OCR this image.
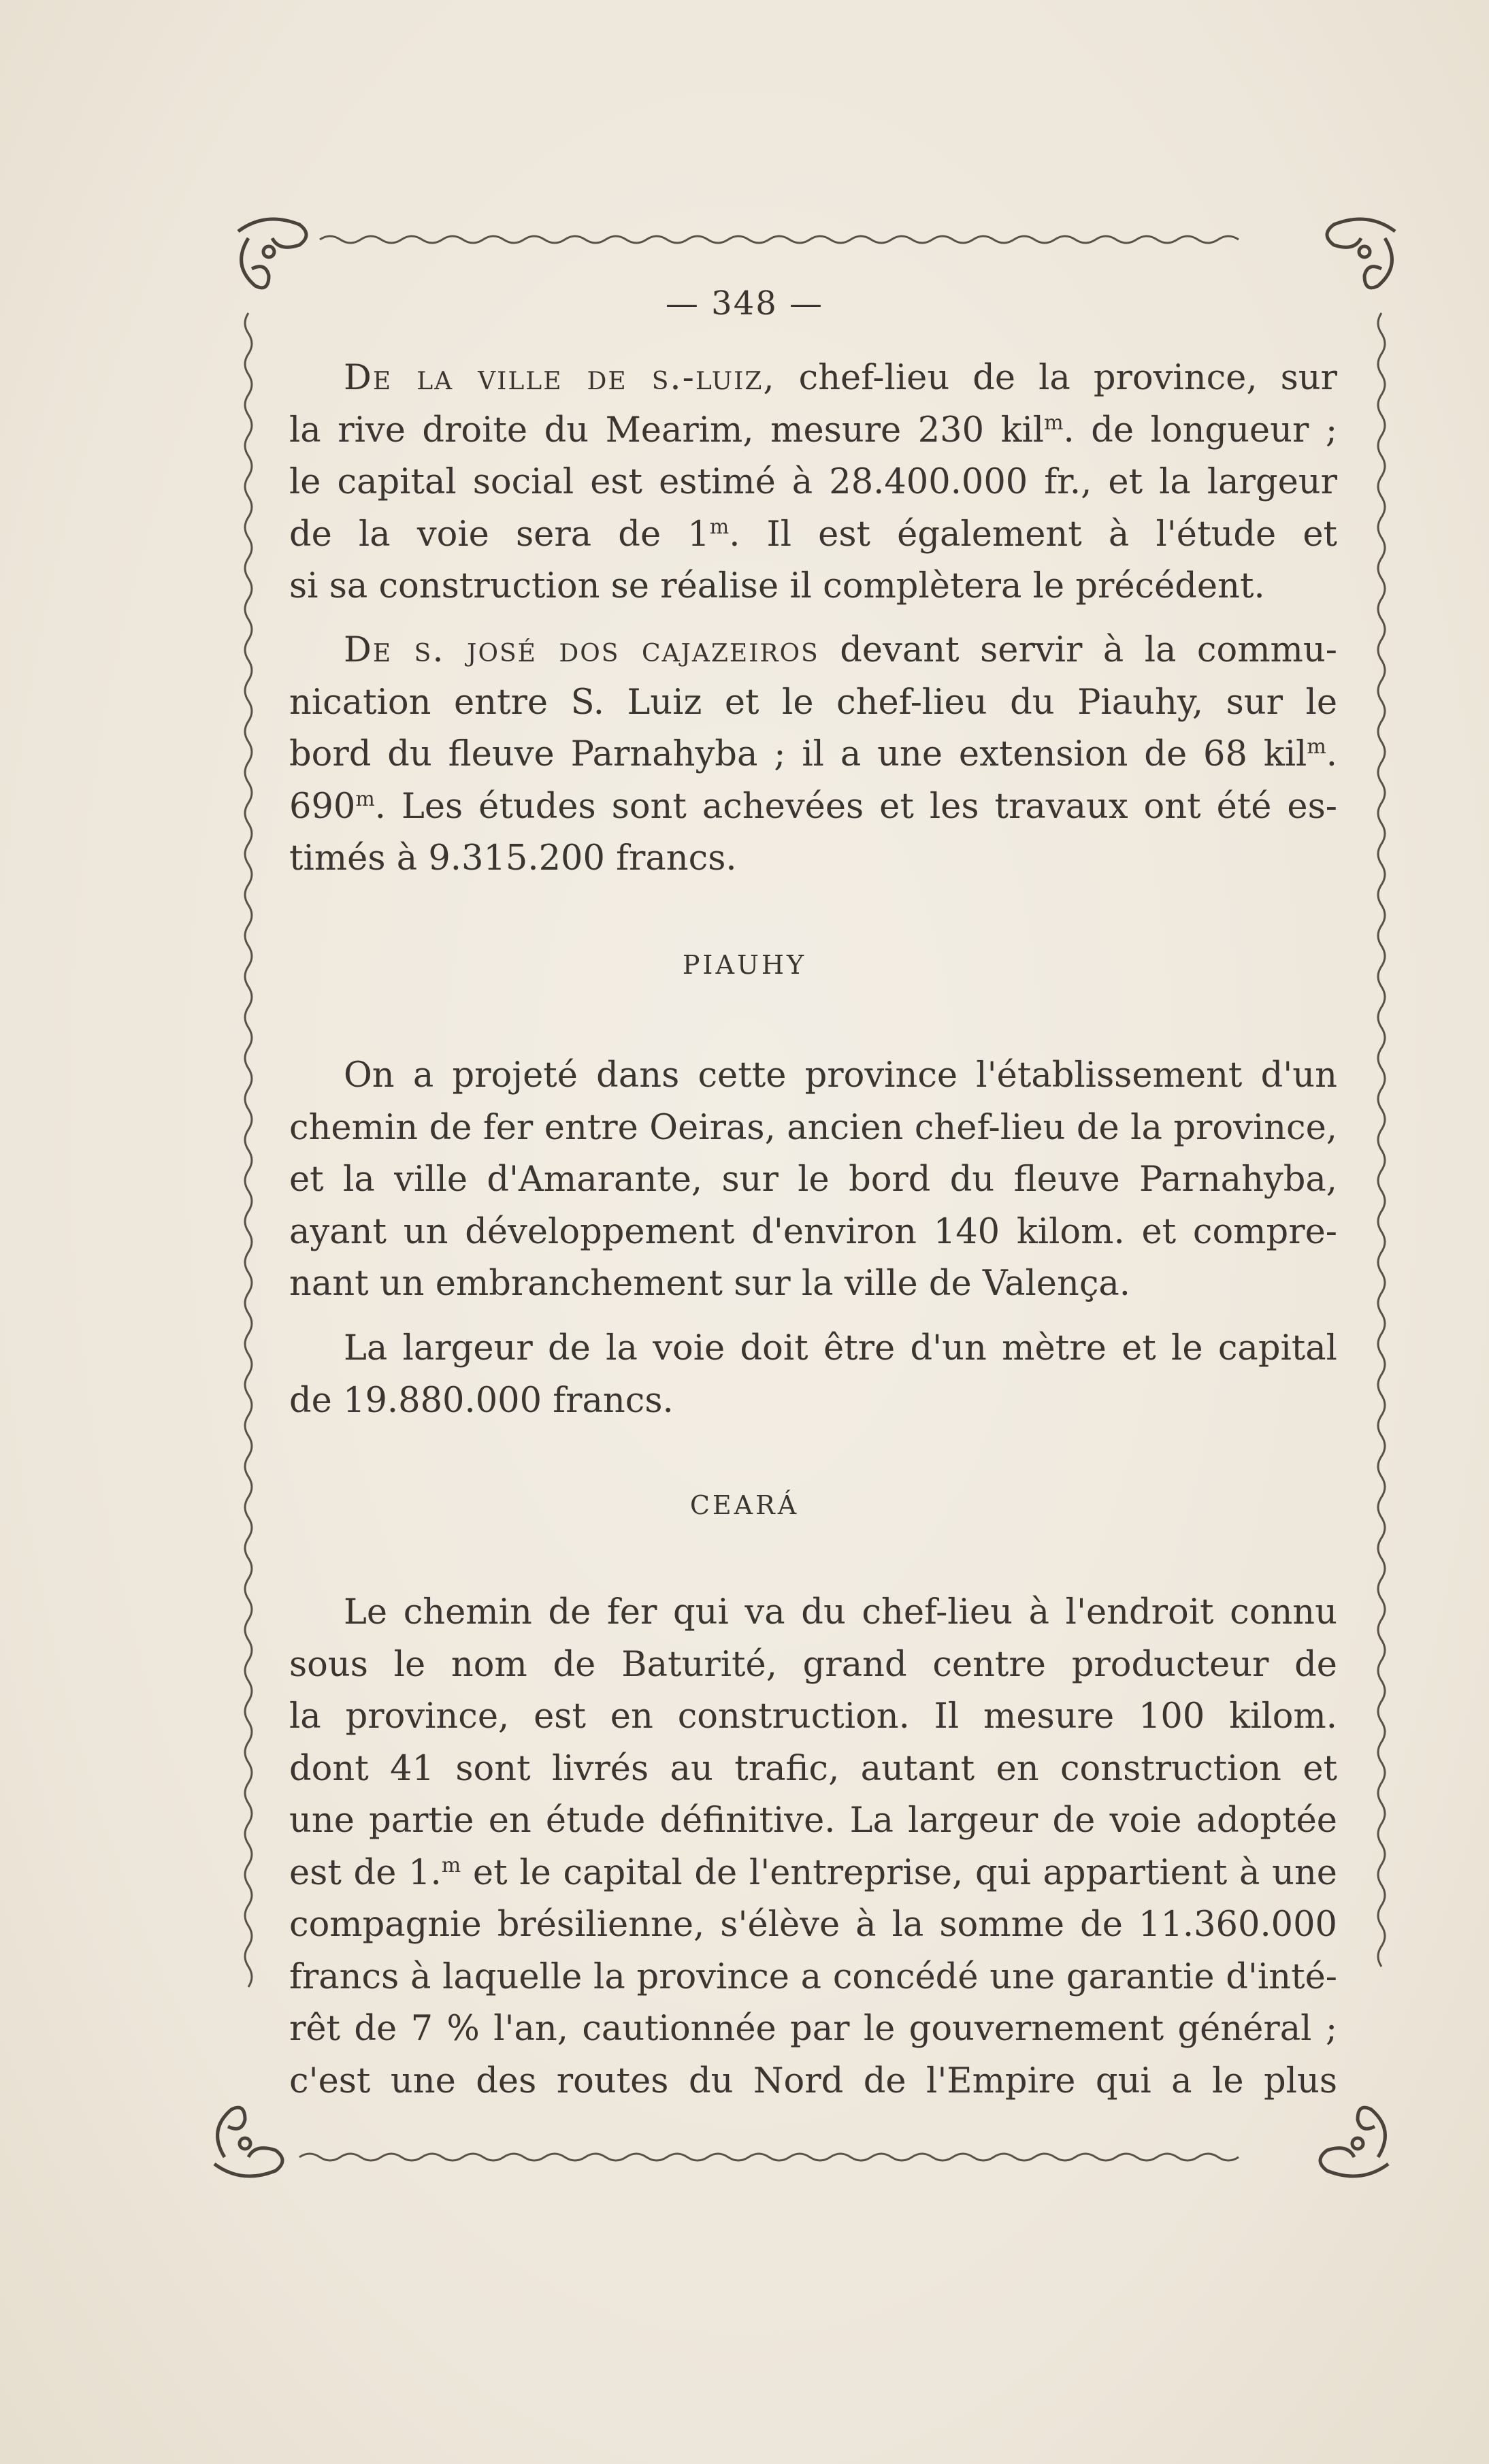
— 348 —

De la ville de s.-luiz, chef-lieu de la province, sur
la rive droite du Mearim, mesure 230 kil$^m$. de longueur ;
le capital social est estimé à 28.400.000 fr., et la largeur
de la voie sera de 1$^m$. Il est également à l'étude et
si sa construction se réalise il complètera le précédent.

De s. josé dos cajazeiros devant servir à la commu-
nication entre S. Luiz et le chef-lieu du Piauhy, sur le
bord du fleuve Parnahyba ; il a une extension de 68 kil$^m$.
690$^m$. Les études sont achevées et les travaux ont été es-
timés à 9.315.200 francs.

PIAUHY

On a projeté dans cette province l'établissement d'un
chemin de fer entre Oeiras, ancien chef-lieu de la province,
et la ville d'Amarante, sur le bord du fleuve Parnahyba,
ayant un développement d'environ 140 kilom. et compre-
nant un embranchement sur la ville de Valença.

La largeur de la voie doit être d'un mètre et le capital
de 19.880.000 francs.

CEARÁ

Le chemin de fer qui va du chef-lieu à l'endroit connu
sous le nom de Baturité, grand centre producteur de
la province, est en construction. Il mesure 100 kilom.
dont 41 sont livrés au trafic, autant en construction et
une partie en étude définitive. La largeur de voie adoptée
est de 1.$^m$ et le capital de l'entreprise, qui appartient à une
compagnie brésilienne, s'élève à la somme de 11.360.000
francs à laquelle la province a concédé une garantie d'inté-
rêt de 7 % l'an, cautionnée par le gouvernement général ;
c'est une des routes du Nord de l'Empire qui a le plus
